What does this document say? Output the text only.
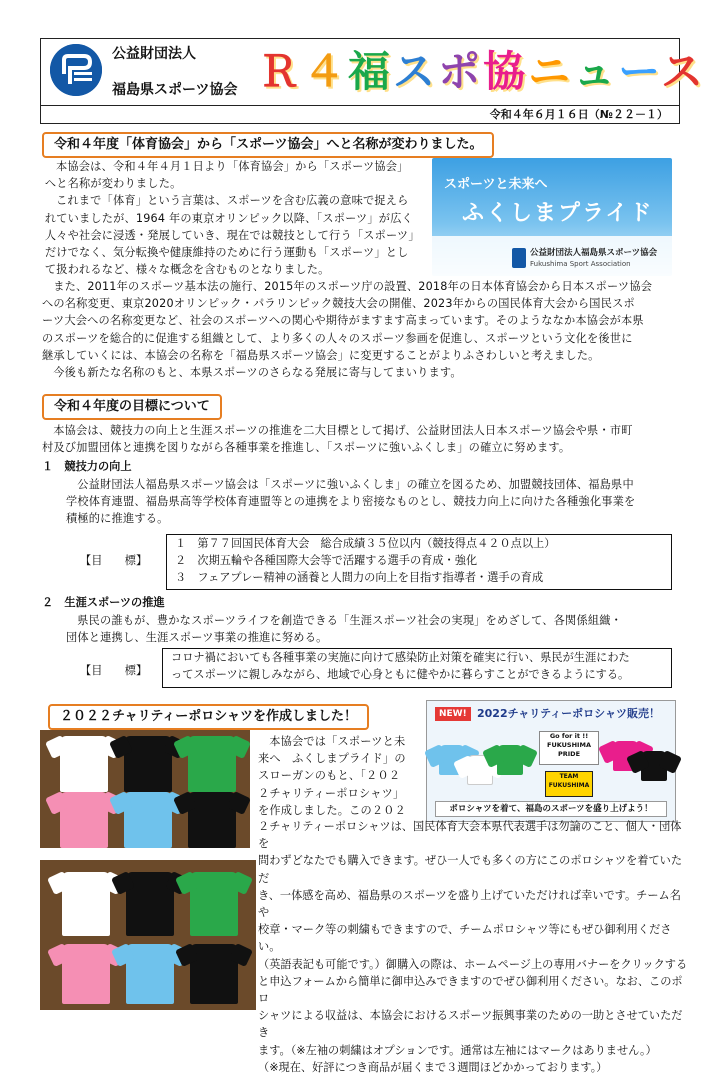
公益財団法人
福島県スポーツ協会 Ｒ４福スポ協ニュース
令和４年６月１６日（№２２－１）
令和４年度「体育協会」から「スポーツ協会」へと名称が変わりました。
本協会は、令和４年４月１日より「体育協会」から「スポーツ協会」
へと名称が変わりました。
これまで「体育」という言葉は、スポーツを含む広義の意味で捉えら
れていましたが、1964 年の東京オリンピック以降、「スポーツ」が広く
人々や社会に浸透・発展していき、現在では競技として行う「スポーツ」
だけでなく、気分転換や健康維持のために行う運動も「スポーツ」とし
て扱われるなど、様々な概念を含むものとなりました。
スポーツと未来へ
ふくしまプライド
公益財団法人福島県スポーツ協会
Fukushima Sport Association
また、2011年のスポーツ基本法の施行、2015年のスポーツ庁の設置、2018年の日本体育協会から日本スポーツ協会
への名称変更、東京2020オリンピック・パラリンピック競技大会の開催、2023年からの国民体育大会から国民スポ
ーツ大会への名称変更など、社会のスポーツへの関心や期待がますます高まっています。そのようななか本協会が本県
のスポーツを総合的に促進する組織として、より多くの人々のスポーツ参画を促進し、スポーツという文化を後世に
継承していくには、本協会の名称を「福島県スポーツ協会」に変更することがよりふさわしいと考えました。
今後も新たな名称のもと、本県スポーツのさらなる発展に寄与してまいります。
令和４年度の目標について
本協会は、競技力の向上と生涯スポーツの推進を二大目標として掲げ、公益財団法人日本スポーツ協会や県・市町
村及び加盟団体と連携を図りながら各種事業を推進し、「スポーツに強いふくしま」の確立に努めます。
１　競技力の向上
公益財団法人福島県スポーツ協会は「スポーツに強いふくしま」の確立を図るため、加盟競技団体、福島県中
学校体育連盟、福島県高等学校体育連盟等との連携をより密接なものとし、競技力向上に向けた各種強化事業を
積極的に推進する。
【目　　標】
１　第７７回国民体育大会　総合成績３５位以内（競技得点４２０点以上）
２　次期五輪や各種国際大会等で活躍する選手の育成・強化
３　フェアプレー精神の涵養と人間力の向上を目指す指導者・選手の育成
２　生涯スポーツの推進
県民の誰もが、豊かなスポーツライフを創造できる「生涯スポーツ社会の実現」をめざして、各関係組織・
団体と連携し、生涯スポーツ事業の推進に努める。
【目　　標】
コロナ禍においても各種事業の実施に向けて感染防止対策を確実に行い、県民が生涯にわた
ってスポーツに親しみながら、地域で心身ともに健やかに暮らすことができるようにする。
２０２２チャリティーポロシャツを作成しました！
本協会では「スポーツと未
来へ　ふくしまプライド」の
スローガンのもと、「２０２
２チャリティーポロシャツ」
を作成しました。この２０２
NEW! 2022チャリティーポロシャツ販売！
Go for it !!
FUKUSHIMA
PRIDE
TEAM
FUKUSHIMA
ポロシャツを着て、福島のスポーツを盛り上げよう！
２チャリティーポロシャツは、国民体育大会本県代表選手は勿論のこと、個人・団体を
問わずどなたでも購入できます。ぜひ一人でも多くの方にこのポロシャツを着ていただ
き、一体感を高め、福島県のスポーツを盛り上げていただければ幸いです。チーム名や
校章・マーク等の刺繍もできますので、チームポロシャツ等にもぜひ御利用ください。
（英語表記も可能です。）御購入の際は、ホームページ上の専用バナーをクリックする
と申込フォームから簡単に御申込みできますのでぜひ御利用ください。なお、このポロ
シャツによる収益は、本協会におけるスポーツ振興事業のための一助とさせていただき
ます。（※左袖の刺繍はオプションです。通常は左袖にはマークはありません。）
（※現在、好評につき商品が届くまで３週間ほどかかっております。）
